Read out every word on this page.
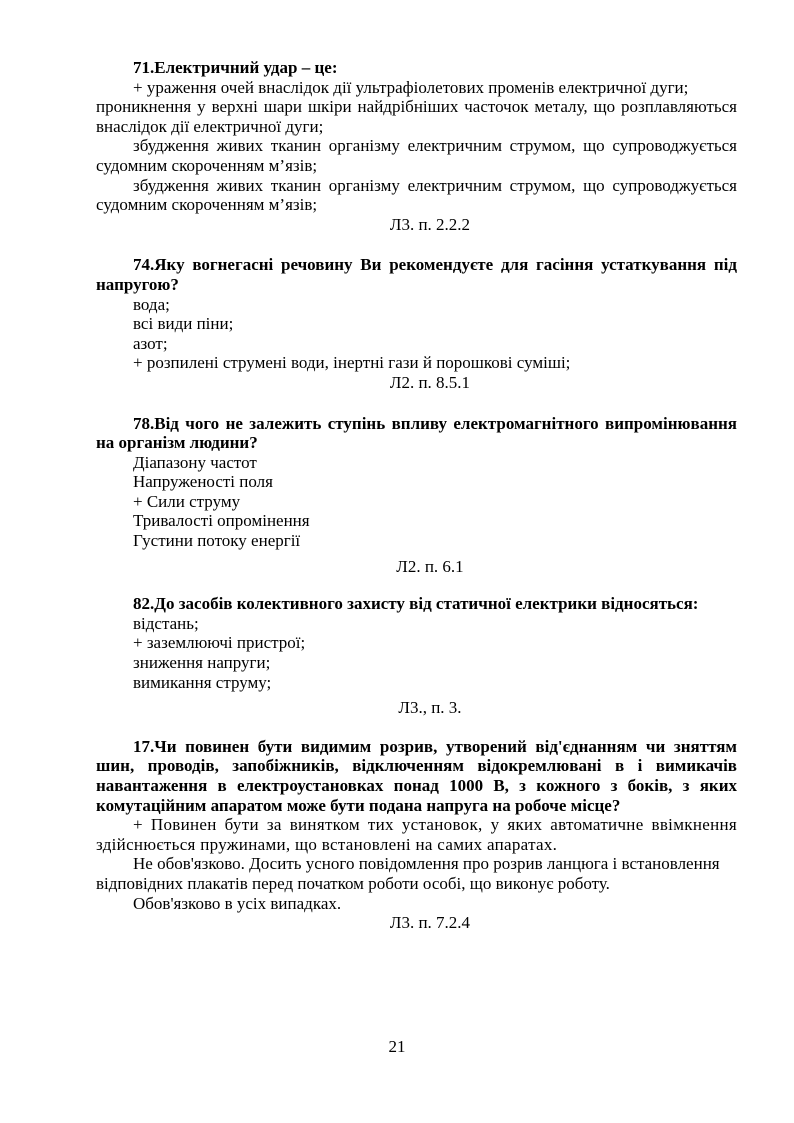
71.Електричний удар – це:

+ ураження очей внаслідок дії ультрафіолетових променів електричної дуги;

проникнення у верхні шари шкіри найдрібніших часточок металу, що розплавляються внаслідок дії електричної дуги;

збудження живих тканин організму електричним струмом, що супроводжується судомним скороченням м’язів;

збудження живих тканин організму електричним струмом, що супроводжується судомним скороченням м’язів;

Л3. п. 2.2.2

74.Яку вогнегасні речовину Ви рекомендуєте для гасіння устаткування під напругою?

вода;

всі види піни;

азот;

+ розпилені струмені води, інертні гази й порошкові суміші;

Л2. п. 8.5.1

78.Від чого не залежить ступінь впливу електромагнітного випромінювання на організм людини?

Діапазону частот

Напруженості поля

+ Сили струму

Тривалості опромінення

Густини потоку енергії

Л2. п. 6.1

82.До засобів колективного захисту від статичної електрики відносяться:

відстань;

+ заземлюючі пристрої;

зниження напруги;

вимикання струму;

Л3., п. 3.

17.Чи повинен бути видимим розрив, утворений від'єднанням чи зняттям шин, проводів, запобіжників, відключенням відокремлювані в і вимикачів навантаження в електроустановках понад 1000 В, з кожного з боків, з яких комутаційним апаратом може бути подана напруга на робоче місце?

+ Повинен бути за винятком тих установок, у яких автоматичне ввімкнення здійснюється пружинами, що встановлені на самих апаратах.

Не обов'язково. Досить усного повідомлення про розрив ланцюга і встановлення відповідних плакатів перед початком роботи особі, що виконує роботу.

Обов'язково в усіх випадках.

Л3. п. 7.2.4

21
